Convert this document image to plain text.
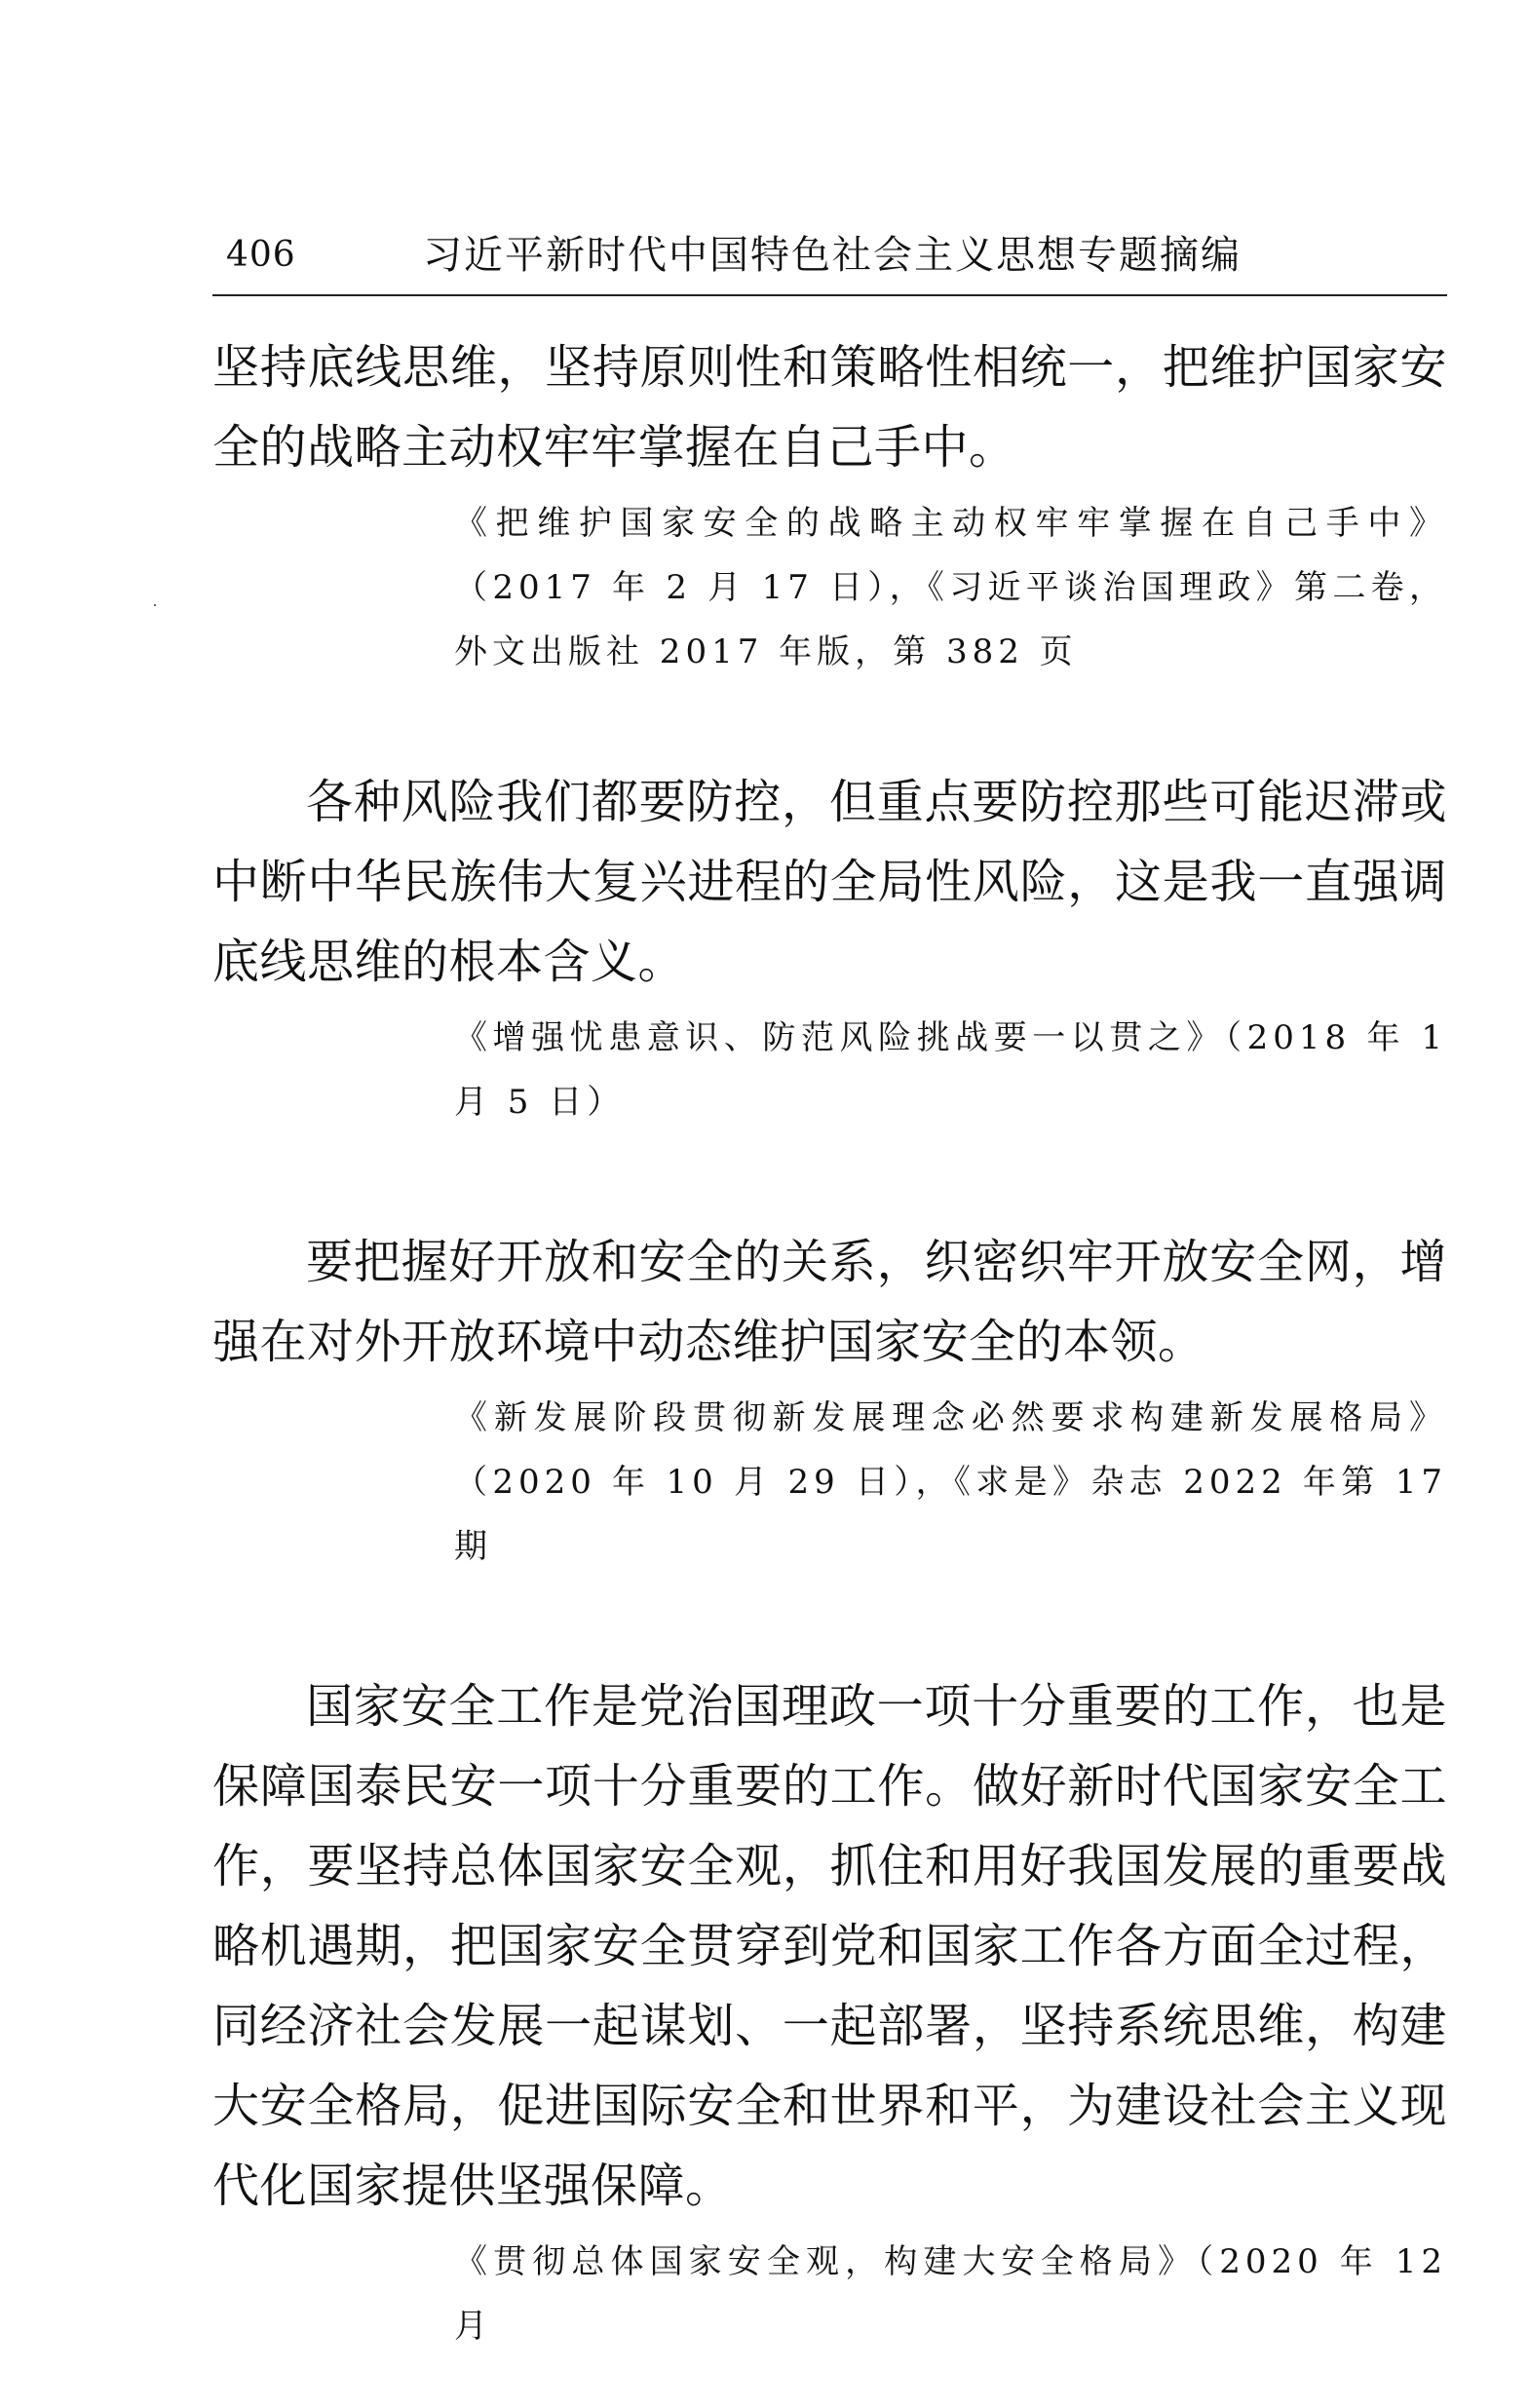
406	习近平新时代中国特色社会主义思想专题摘编

坚持底线思维，坚持原则性和策略性相统一，把维护国家安全的战略主动权牢牢掌握在自己手中。

《把维护国家安全的战略主动权牢牢掌握在自己手中》（2017 年 2 月 17 日），《习近平谈治国理政》第二卷，外文出版社 2017 年版，第 382 页

各种风险我们都要防控，但重点要防控那些可能迟滞或中断中华民族伟大复兴进程的全局性风险，这是我一直强调底线思维的根本含义。

《增强忧患意识、防范风险挑战要一以贯之》（2018 年 1 月 5 日）

要把握好开放和安全的关系，织密织牢开放安全网，增强在对外开放环境中动态维护国家安全的本领。

《新发展阶段贯彻新发展理念必然要求构建新发展格局》（2020 年 10 月 29 日），《求是》杂志 2022 年第 17 期

国家安全工作是党治国理政一项十分重要的工作，也是保障国泰民安一项十分重要的工作。做好新时代国家安全工作，要坚持总体国家安全观，抓住和用好我国发展的重要战略机遇期，把国家安全贯穿到党和国家工作各方面全过程，同经济社会发展一起谋划、一起部署，坚持系统思维，构建大安全格局，促进国际安全和世界和平，为建设社会主义现代化国家提供坚强保障。

《贯彻总体国家安全观，构建大安全格局》（2020 年 12 月
